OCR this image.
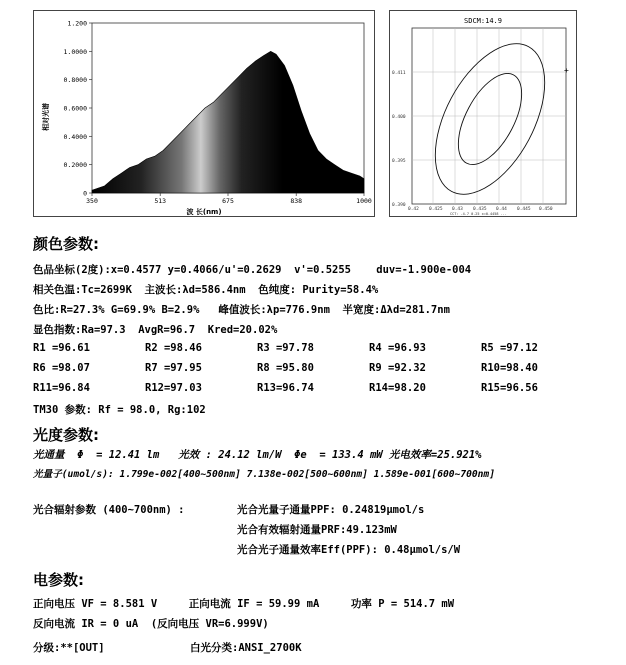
1.200
1.0000
0.8000
0.6000
0.4000
0.2000
0
350	513	675	838	1000
相对光谱
波 长(nm)
SDCM:14.9
+
0.411
0.400
0.395
0.390
0.42 0.425 0.43 0.435 0.44 0.445 0.450
CCT: -4.7 0.25 x=0.4458 ...
颜色参数:
色品坐标(2度):x=0.4577 y=0.4066/u'=0.2629  v'=0.5255    duv=-1.900e-004
相关色温:Tc=2699K  主波长:λd=586.4nm  色纯度: Purity=58.4%
色比:R=27.3% G=69.9% B=2.9%   峰值波长:λp=776.9nm  半宽度:Δλd=281.7nm
显色指数:Ra=97.3  AvgR=96.7  Kred=20.02%
R1 =96.61	R2 =98.46	R3 =97.78	R4 =96.93	R5 =97.12
R6 =98.07	R7 =97.95	R8 =95.80	R9 =92.32	R10=98.40
R11=96.84	R12=97.03	R13=96.74	R14=98.20	R15=96.56
TM30 参数: Rf = 98.0, Rg:102
光度参数:
光通量  Φ  = 12.41 lm   光效 : 24.12 lm/W  Φe  = 133.4 mW 光电效率=25.921%
光量子(umol/s): 1.799e-002[400~500nm] 7.138e-002[500~600nm] 1.589e-001[600~700nm]
光合辐射参数 (400~700nm) :	光合光量子通量PPF: 0.24819μmol/s
光合有效辐射通量PRF:49.123mW
光合光子通量效率Eff(PPF): 0.48μmol/s/W
电参数:
正向电压 VF = 8.581 V     正向电流 IF = 59.99 mA     功率 P = 514.7 mW
反向电流 IR = 0 uA  (反向电压 VR=6.999V)
分级:**[OUT]	白光分类:ANSI_2700K
